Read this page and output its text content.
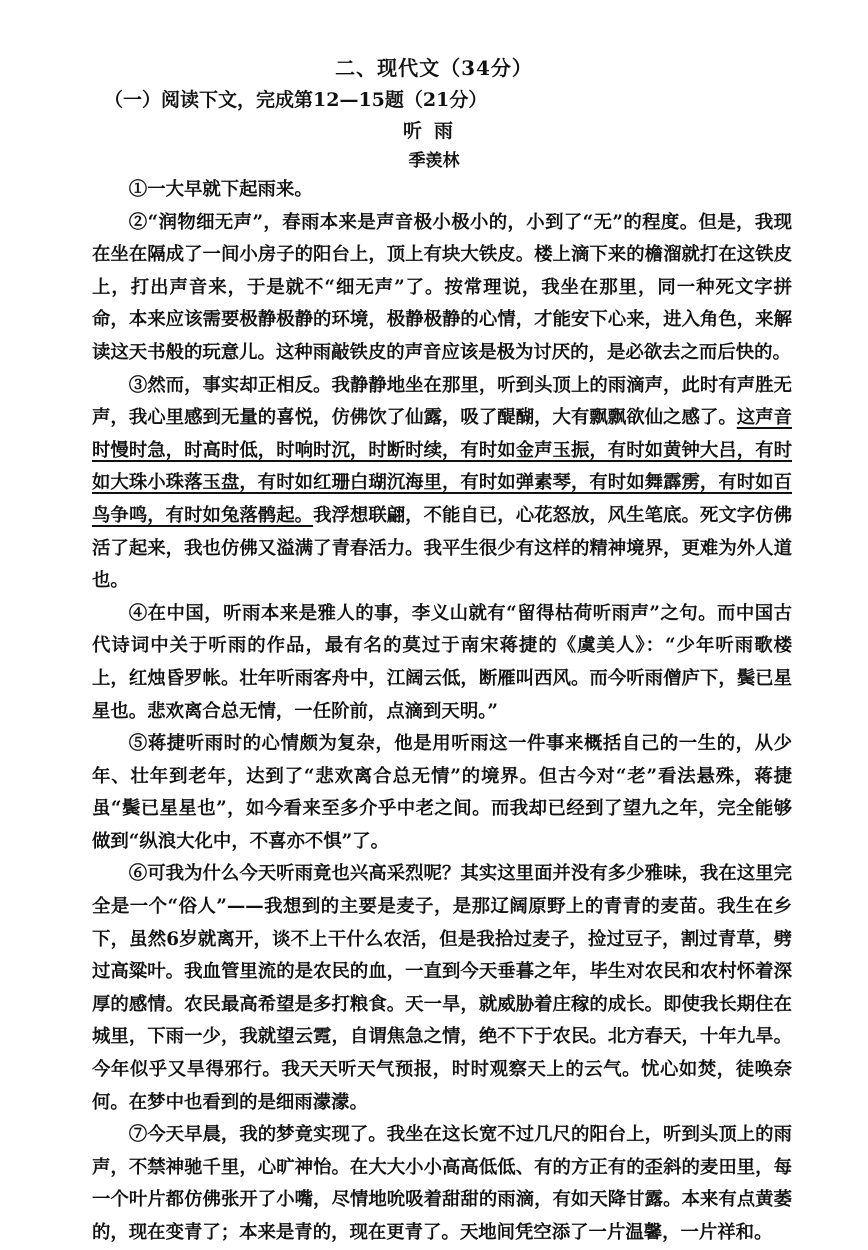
二、现代文（34分）
（一）阅读下文，完成第12—15题（21分）
听雨
季羡林

①一大早就下起雨来。

②“润物细无声”，春雨本来是声音极小极小的，小到了“无”的程度。但是，我现在坐在隔成了一间小房子的阳台上，顶上有块大铁皮。楼上滴下来的檐溜就打在这铁皮上，打出声音来，于是就不“细无声”了。按常理说，我坐在那里，同一种死文字拼命，本来应该需要极静极静的环境，极静极静的心情，才能安下心来，进入角色，来解读这天书般的玩意儿。这种雨敲铁皮的声音应该是极为讨厌的，是必欲去之而后快的。

③然而，事实却正相反。我静静地坐在那里，听到头顶上的雨滴声，此时有声胜无声，我心里感到无量的喜悦，仿佛饮了仙露，吸了醍醐，大有飘飘欲仙之感了。这声音时慢时急，时高时低，时响时沉，时断时续，有时如金声玉振，有时如黄钟大吕，有时如大珠小珠落玉盘，有时如红珊白瑚沉海里，有时如弹素琴，有时如舞霹雳，有时如百鸟争鸣，有时如兔落鹘起。我浮想联翩，不能自已，心花怒放，风生笔底。死文字仿佛活了起来，我也仿佛又溢满了青春活力。我平生很少有这样的精神境界，更难为外人道也。

④在中国，听雨本来是雅人的事，李义山就有“留得枯荷听雨声”之句。而中国古代诗词中关于听雨的作品，最有名的莫过于南宋蒋捷的《虞美人》：“少年听雨歌楼上，红烛昏罗帐。壮年听雨客舟中，江阔云低，断雁叫西风。而今听雨僧庐下，鬓已星星也。悲欢离合总无情，一任阶前，点滴到天明。”

⑤蒋捷听雨时的心情颇为复杂，他是用听雨这一件事来概括自己的一生的，从少年、壮年到老年，达到了“悲欢离合总无情”的境界。但古今对“老”看法悬殊，蒋捷虽“鬓已星星也”，如今看来至多介乎中老之间。而我却已经到了望九之年，完全能够做到“纵浪大化中，不喜亦不惧”了。

⑥可我为什么今天听雨竟也兴高采烈呢？其实这里面并没有多少雅味，我在这里完全是一个“俗人”——我想到的主要是麦子，是那辽阔原野上的青青的麦苗。我生在乡下，虽然6岁就离开，谈不上干什么农活，但是我拾过麦子，捡过豆子，割过青草，劈过高粱叶。我血管里流的是农民的血，一直到今天垂暮之年，毕生对农民和农村怀着深厚的感情。农民最高希望是多打粮食。天一旱，就威胁着庄稼的成长。即使我长期住在城里，下雨一少，我就望云霓，自谓焦急之情，绝不下于农民。北方春天，十年九旱。今年似乎又旱得邪行。我天天听天气预报，时时观察天上的云气。忧心如焚，徒唤奈何。在梦中也看到的是细雨濛濛。

⑦今天早晨，我的梦竟实现了。我坐在这长宽不过几尺的阳台上，听到头顶上的雨声，不禁神驰千里，心旷神怡。在大大小小高高低低、有的方正有的歪斜的麦田里，每一个叶片都仿佛张开了小嘴，尽情地吮吸着甜甜的雨滴，有如天降甘露。本来有点黄萎的，现在变青了；本来是青的，现在更青了。天地间凭空添了一片温馨，一片祥和。
